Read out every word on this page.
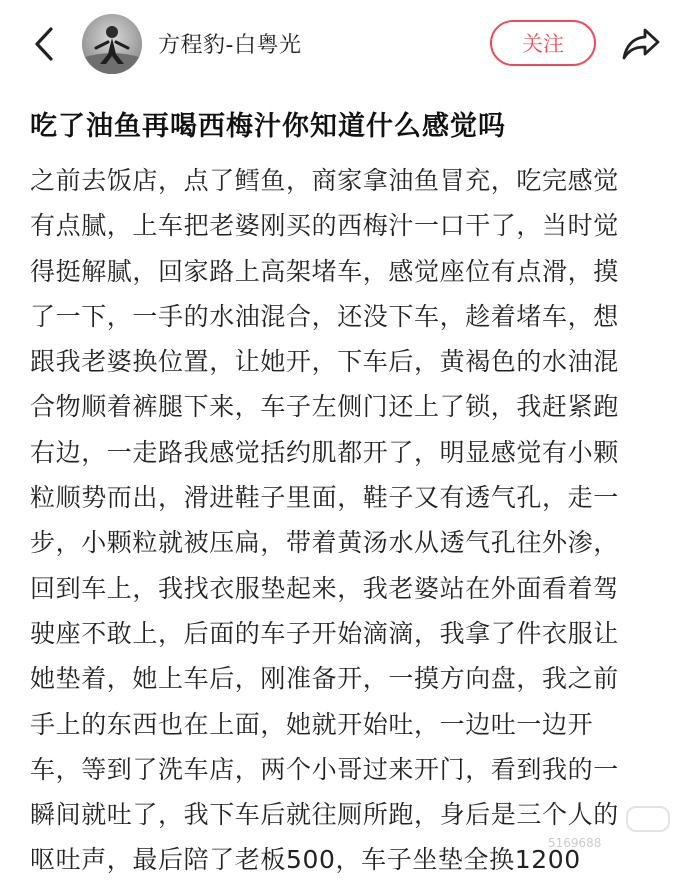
方程豹-白粤光	关注
吃了油鱼再喝西梅汁你知道什么感觉吗
之前去饭店，点了鳕鱼，商家拿油鱼冒充，吃完感觉
有点腻，上车把老婆刚买的西梅汁一口干了，当时觉
得挺解腻，回家路上高架堵车，感觉座位有点滑，摸
了一下，一手的水油混合，还没下车，趁着堵车，想
跟我老婆换位置，让她开，下车后，黄褐色的水油混
合物顺着裤腿下来，车子左侧门还上了锁，我赶紧跑
右边，一走路我感觉括约肌都开了，明显感觉有小颗
粒顺势而出，滑进鞋子里面，鞋子又有透气孔，走一
步，小颗粒就被压扁，带着黄汤水从透气孔往外渗，
回到车上，我找衣服垫起来，我老婆站在外面看着驾
驶座不敢上，后面的车子开始滴滴，我拿了件衣服让
她垫着，她上车后，刚准备开，一摸方向盘，我之前
手上的东西也在上面，她就开始吐，一边吐一边开
车，等到了洗车店，两个小哥过来开门，看到我的一
瞬间就吐了，我下车后就往厕所跑，身后是三个人的
呕吐声，最后陪了老板500，车子坐垫全换1200
5169688
